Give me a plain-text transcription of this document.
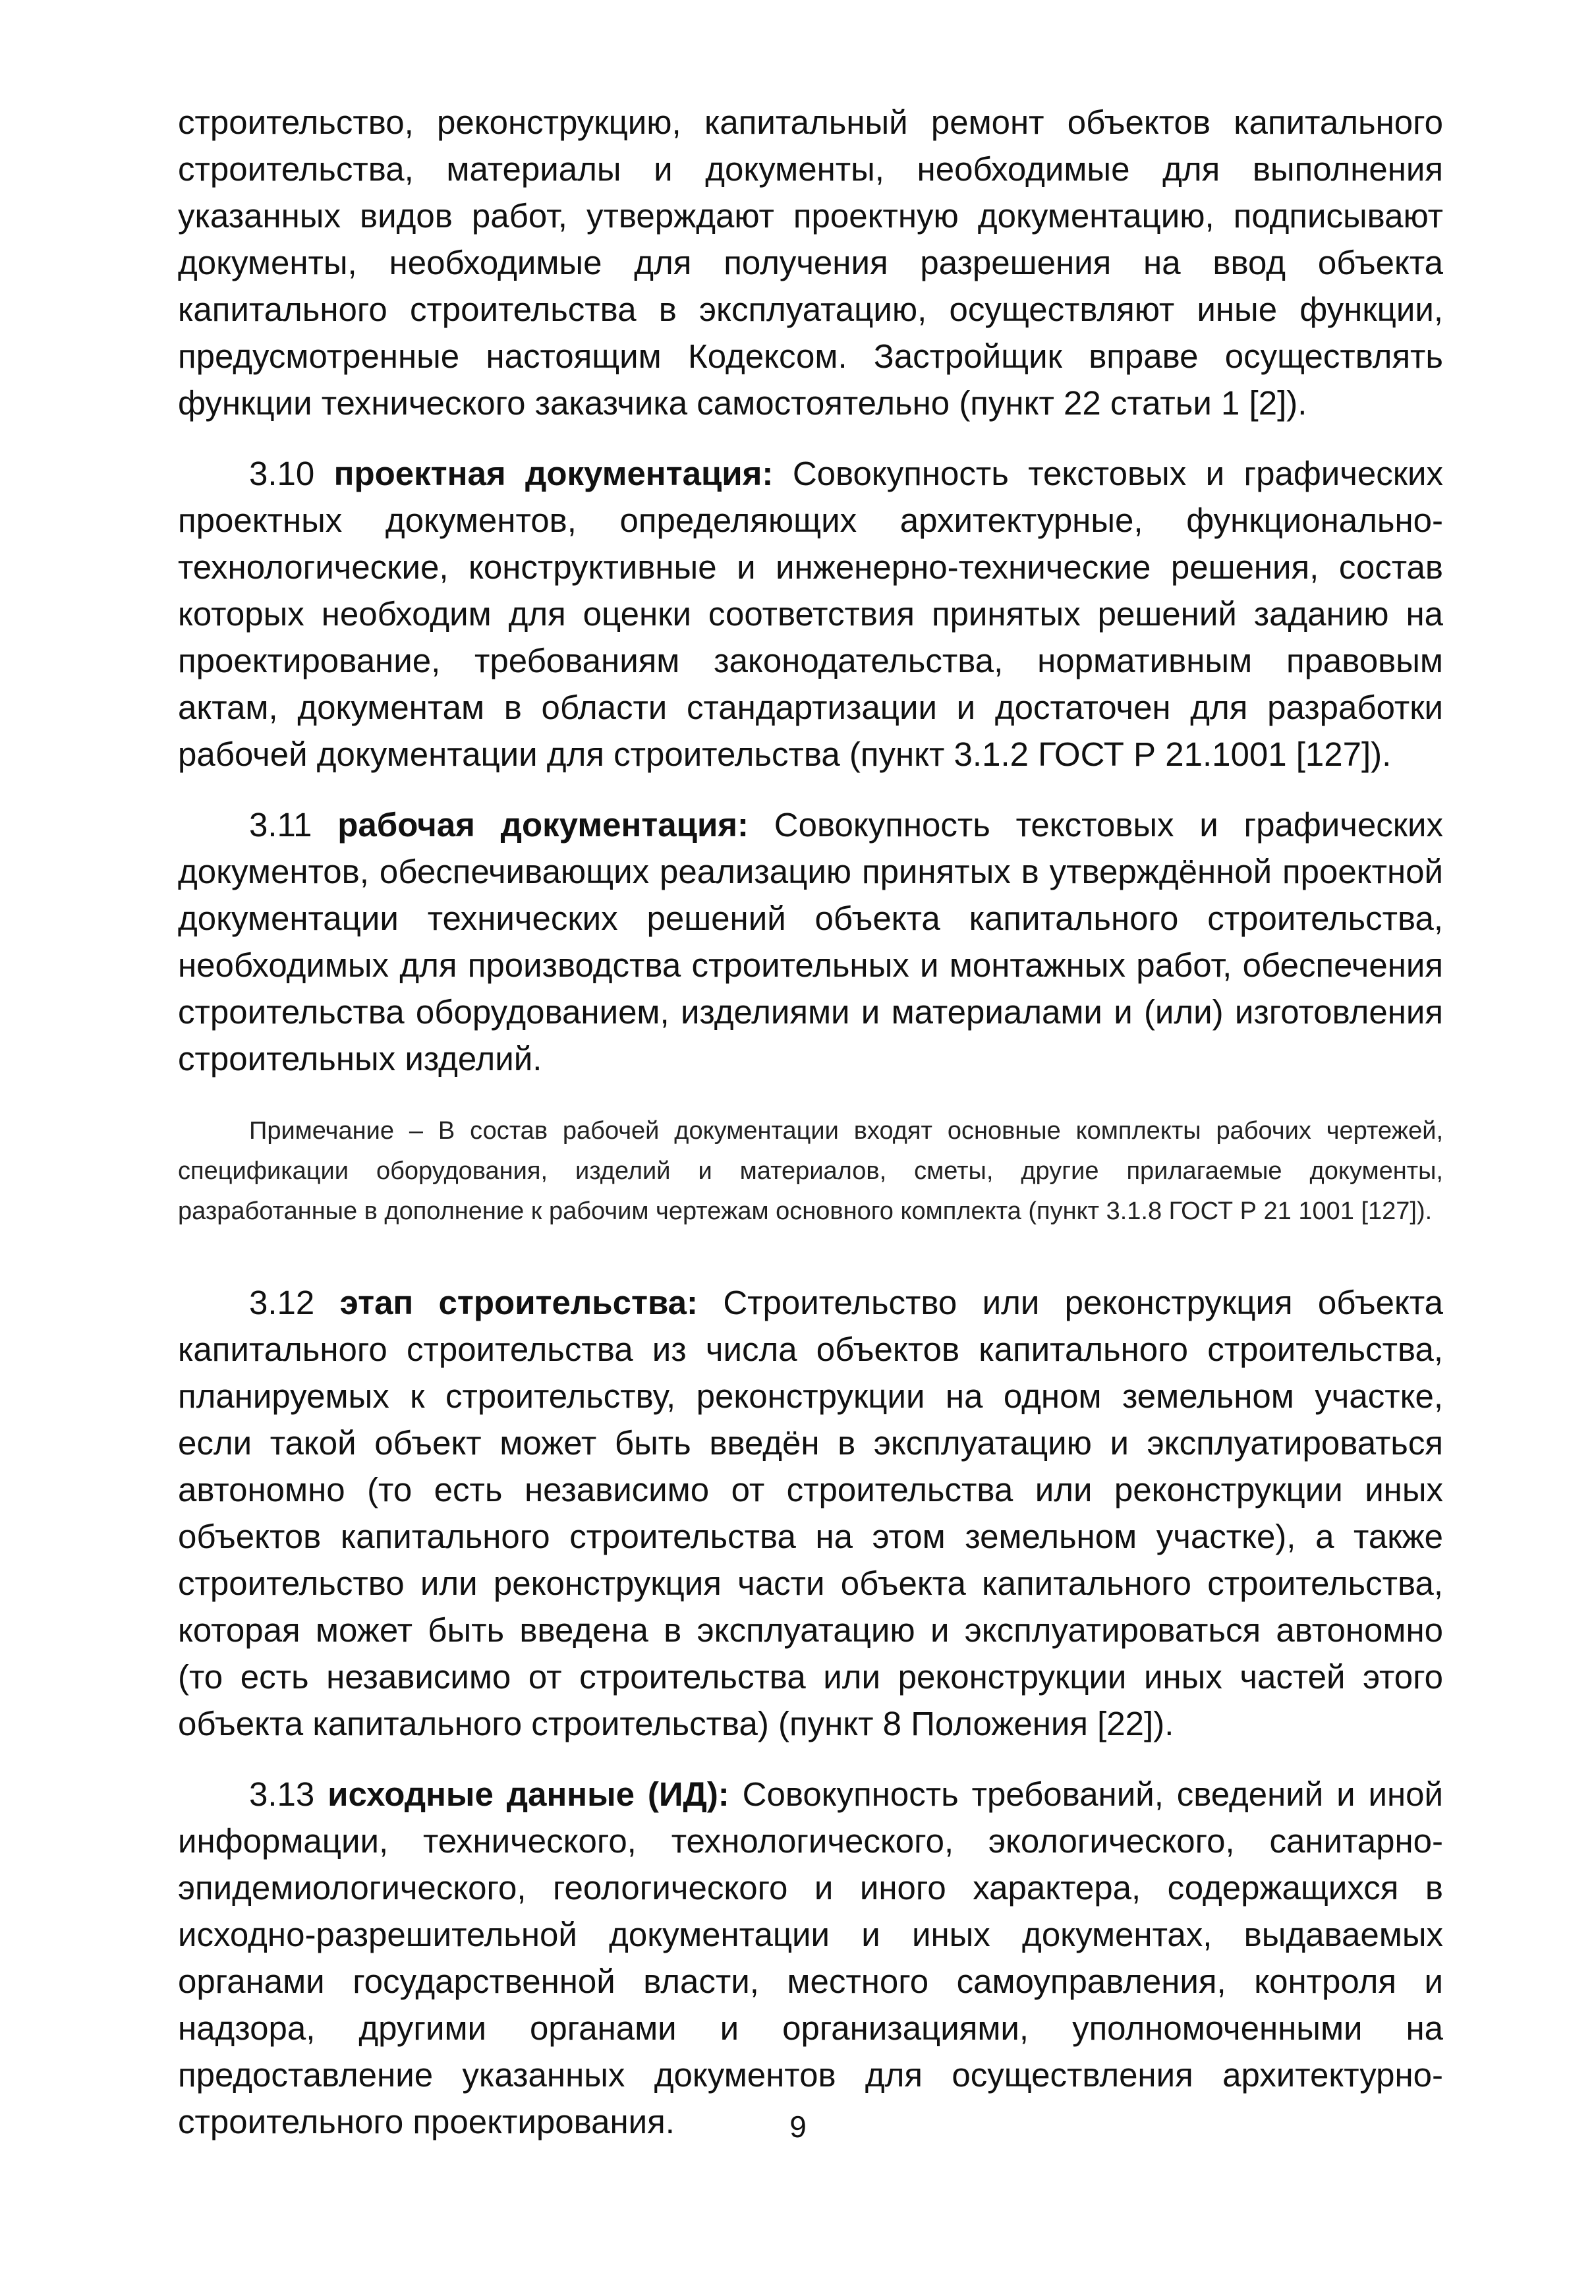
строительство, реконструкцию, капитальный ремонт объектов капитального строительства, материалы и документы, необходимые для выполнения указанных видов работ, утверждают проектную документацию, подписывают документы, необходимые для получения разрешения на ввод объекта капитального строительства в эксплуатацию, осуществляют иные функции, предусмотренные настоящим Кодексом. Застройщик вправе осуществлять функции технического заказчика самостоятельно (пункт 22 статьи 1 [2]).

3.10 проектная документация: Совокупность текстовых и графических проектных документов, определяющих архитектурные, функционально-технологические, конструктивные и инженерно-технические решения, состав которых необходим для оценки соответствия принятых решений заданию на проектирование, требованиям законодательства, нормативным правовым актам, документам в области стандартизации и достаточен для разработки рабочей документации для строительства (пункт 3.1.2 ГОСТ Р 21.1001 [127]).

3.11 рабочая документация: Совокупность текстовых и графических документов, обеспечивающих реализацию принятых в утверждённой проектной документации технических решений объекта капитального строительства, необходимых для производства строительных и монтажных работ, обеспечения строительства оборудованием, изделиями и материалами и (или) изготовления строительных изделий.

Примечание – В состав рабочей документации входят основные комплекты рабочих чертежей, спецификации оборудования, изделий и материалов, сметы, другие прилагаемые документы, разработанные в дополнение к рабочим чертежам основного комплекта (пункт 3.1.8 ГОСТ Р 21 1001 [127]).

3.12 этап строительства: Строительство или реконструкция объекта капитального строительства из числа объектов капитального строительства, планируемых к строительству, реконструкции на одном земельном участке, если такой объект может быть введён в эксплуатацию и эксплуатироваться автономно (то есть независимо от строительства или реконструкции иных объектов капитального строительства на этом земельном участке), а также строительство или реконструкция части объекта капитального строительства, которая может быть введена в эксплуатацию и эксплуатироваться автономно (то есть независимо от строительства или реконструкции иных частей этого объекта капитального строительства) (пункт 8 Положения [22]).

3.13 исходные данные (ИД): Совокупность требований, сведений и иной информации, технического, технологического, экологического, санитарно-эпидемиологического, геологического и иного характера, содержащихся в исходно-разрешительной документации и иных документах, выдаваемых органами государственной власти, местного самоуправления, контроля и надзора, другими органами и организациями, уполномоченными на предоставление указанных документов для осуществления архитектурно-строительного проектирования.	9
